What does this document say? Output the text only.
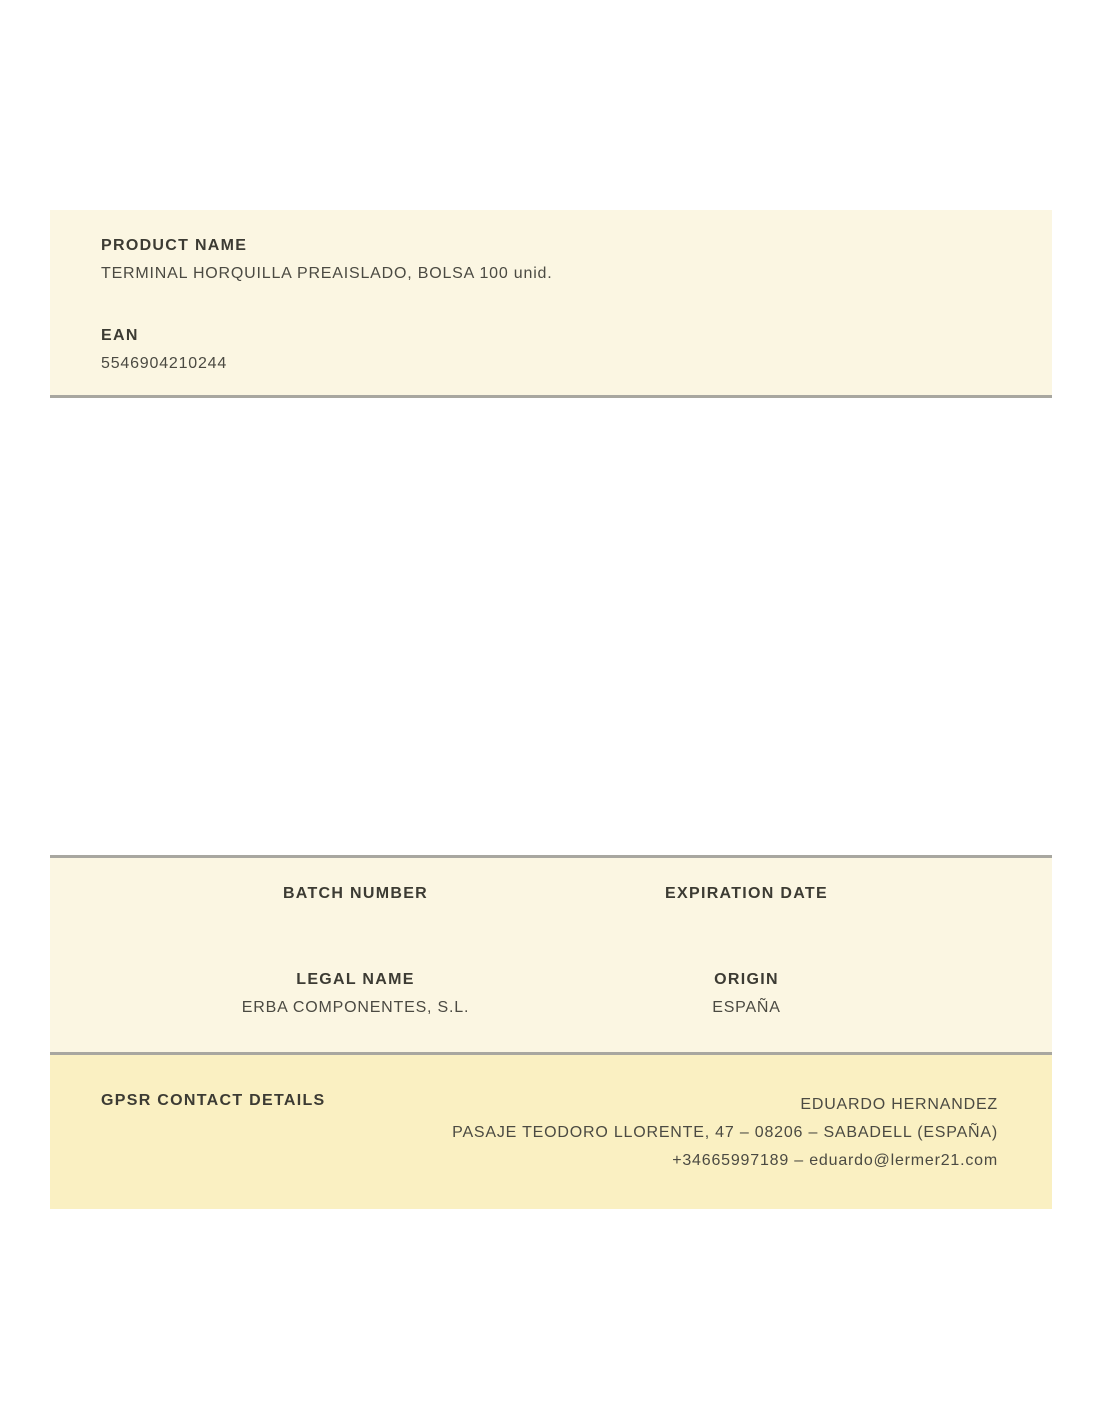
PRODUCT NAME
TERMINAL HORQUILLA PREAISLADO, BOLSA 100 unid.
EAN
5546904210244
BATCH NUMBER	EXPIRATION DATE
LEGAL NAME
ERBA COMPONENTES, S.L.
ORIGIN
ESPAÑA
GPSR CONTACT DETAILS	EDUARDO HERNANDEZ
PASAJE TEODORO LLORENTE, 47 – 08206 – SABADELL (ESPAÑA)
+34665997189 – eduardo@lermer21.com
